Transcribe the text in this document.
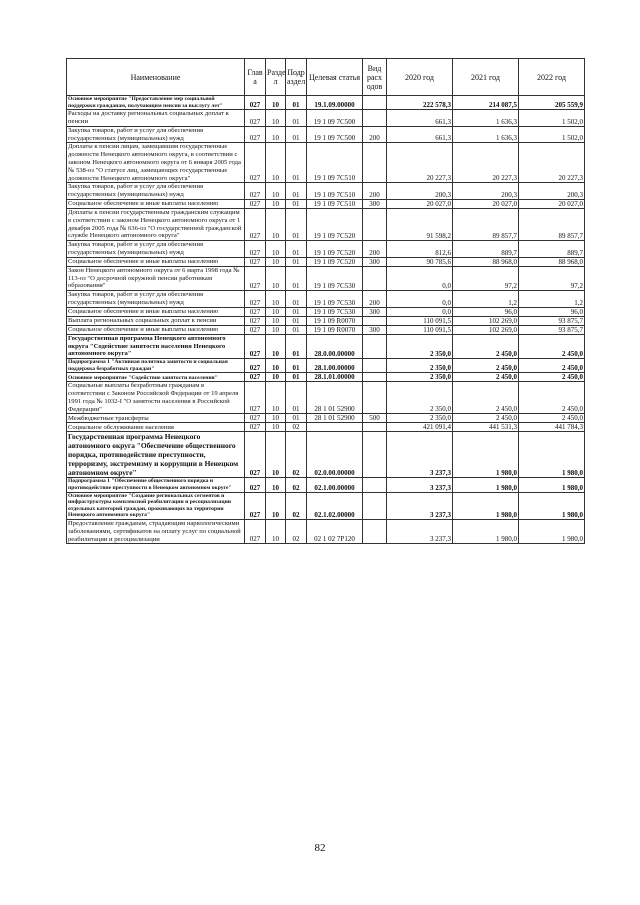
Наименование	Глав а	Разде л	Подр аздел	Целевая статья	Вид расх одов	2020 год	2021 год	2022 год
Основное мероприятие "Предоставление мер социальной поддержки гражданам, получающим пенсии за выслугу лет"	027	10	01	19.1.09.00000		222 578,3	214 087,5	205 559,9
Расходы на доставку региональных социальных доплат к пенсии	027	10	01	19 1 09 7С500		661,3	1 636,3	1 502,0
Закупка товаров, работ и услуг для обеспечения государственных (муниципальных) нужд	027	10	01	19 1 09 7С500	200	661,3	1 636,3	1 502,0
Доплаты к пенсии лицам, замещавшим государственные должности Ненецкого автономного округа, в соответствии с законом Ненецкого автономного округа от 6 января 2005 года № 538-оз "О статусе лиц, замещающих государственные должности Ненецкого автономного округа"	027	10	01	19 1 09 7С510		20 227,3	20 227,3	20 227,3
Закупка товаров, работ и услуг для обеспечения государственных (муниципальных) нужд	027	10	01	19 1 09 7С510	200	200,3	200,3	200,3
Социальное обеспечение и иные выплаты населению	027	10	01	19 1 09 7С510	300	20 027,0	20 027,0	20 027,0
Доплаты к пенсии государственным гражданским служащим в соответствии с законом Ненецкого автономного округа от 1 декабря 2005 года № 636-оз "О государственной гражданской службе Ненецкого автономного округа"	027	10	01	19 1 09 7С520		91 598,2	89 857,7	89 857,7
Закупка товаров, работ и услуг для обеспечения государственных (муниципальных) нужд	027	10	01	19 1 09 7С520	200	812,6	889,7	889,7
Социальное обеспечение и иные выплаты населению	027	10	01	19 1 09 7С520	300	90 785,6	88 968,0	88 968,0
Закон Ненецкого автономного округа от 6 марта 1998 года № 113-оз "О досрочной окружной пенсии работникам образования"	027	10	01	19 1 09 7С530		0,0	97,2	97,2
Закупка товаров, работ и услуг для обеспечения государственных (муниципальных) нужд	027	10	01	19 1 09 7С530	200	0,0	1,2	1,2
Социальное обеспечение и иные выплаты населению	027	10	01	19 1 09 7С530	300	0,0	96,0	96,0
Выплата региональных социальных доплат к пенсии	027	10	01	19 1 09 R0070		110 091,5	102 269,0	93 875,7
Социальное обеспечение и иные выплаты населению	027	10	01	19 1 09 R0070	300	110 091,5	102 269,0	93 875,7
Государственная программа Ненецкого автономного округа "Содействие занятости населения Ненецкого автономного округа"	027	10	01	28.0.00.00000		2 350,0	2 450,0	2 450,0
Подпрограмма 1 "Активная политика занятости и социальная поддержка безработных граждан"	027	10	01	28.1.00.00000		2 350,0	2 450,0	2 450,0
Основное мероприятие "Содействие занятости населения"	027	10	01	28.1.01.00000		2 350,0	2 450,0	2 450,0
Социальные выплаты безработным гражданам в соответствии с Законом Российской Федерации от 19 апреля 1991 года № 1032-I "О занятости населения в Российской Федерации"	027	10	01	28 1 01 52900		2 350,0	2 450,0	2 450,0
Межбюджетные трансферты	027	10	01	28 1 01 52900	500	2 350,0	2 450,0	2 450,0
Социальное обслуживание населения	027	10	02			421 091,4	441 531,3	441 784,3
Государственная программа Ненецкого автономного округа "Обеспечение общественного порядка, противодействие преступности, терроризму, экстремизму и коррупции в Ненецком автономном округе"	027	10	02	02.0.00.00000		3 237,3	1 980,0	1 980,0
Подпрограмма 1 "Обеспечение общественного порядка и противодействие преступности в Ненецком автономном округе"	027	10	02	02.1.00.00000		3 237,3	1 980,0	1 980,0
Основное мероприятие "Создание региональных сегментов и инфраструктуры комплексной реабилитации и ресоциализации отдельных категорий граждан, проживающих на территории Ненецкого автономного округа"	027	10	02	02.1.02.00000		3 237,3	1 980,0	1 980,0
Предоставление гражданам, страдающим наркологическими заболеваниями, сертификатов на оплату услуг по социальной реабилитации и ресоциализации	027	10	02	02 1 02 7Р120		3 237,3	1 980,0	1 980,0
82
